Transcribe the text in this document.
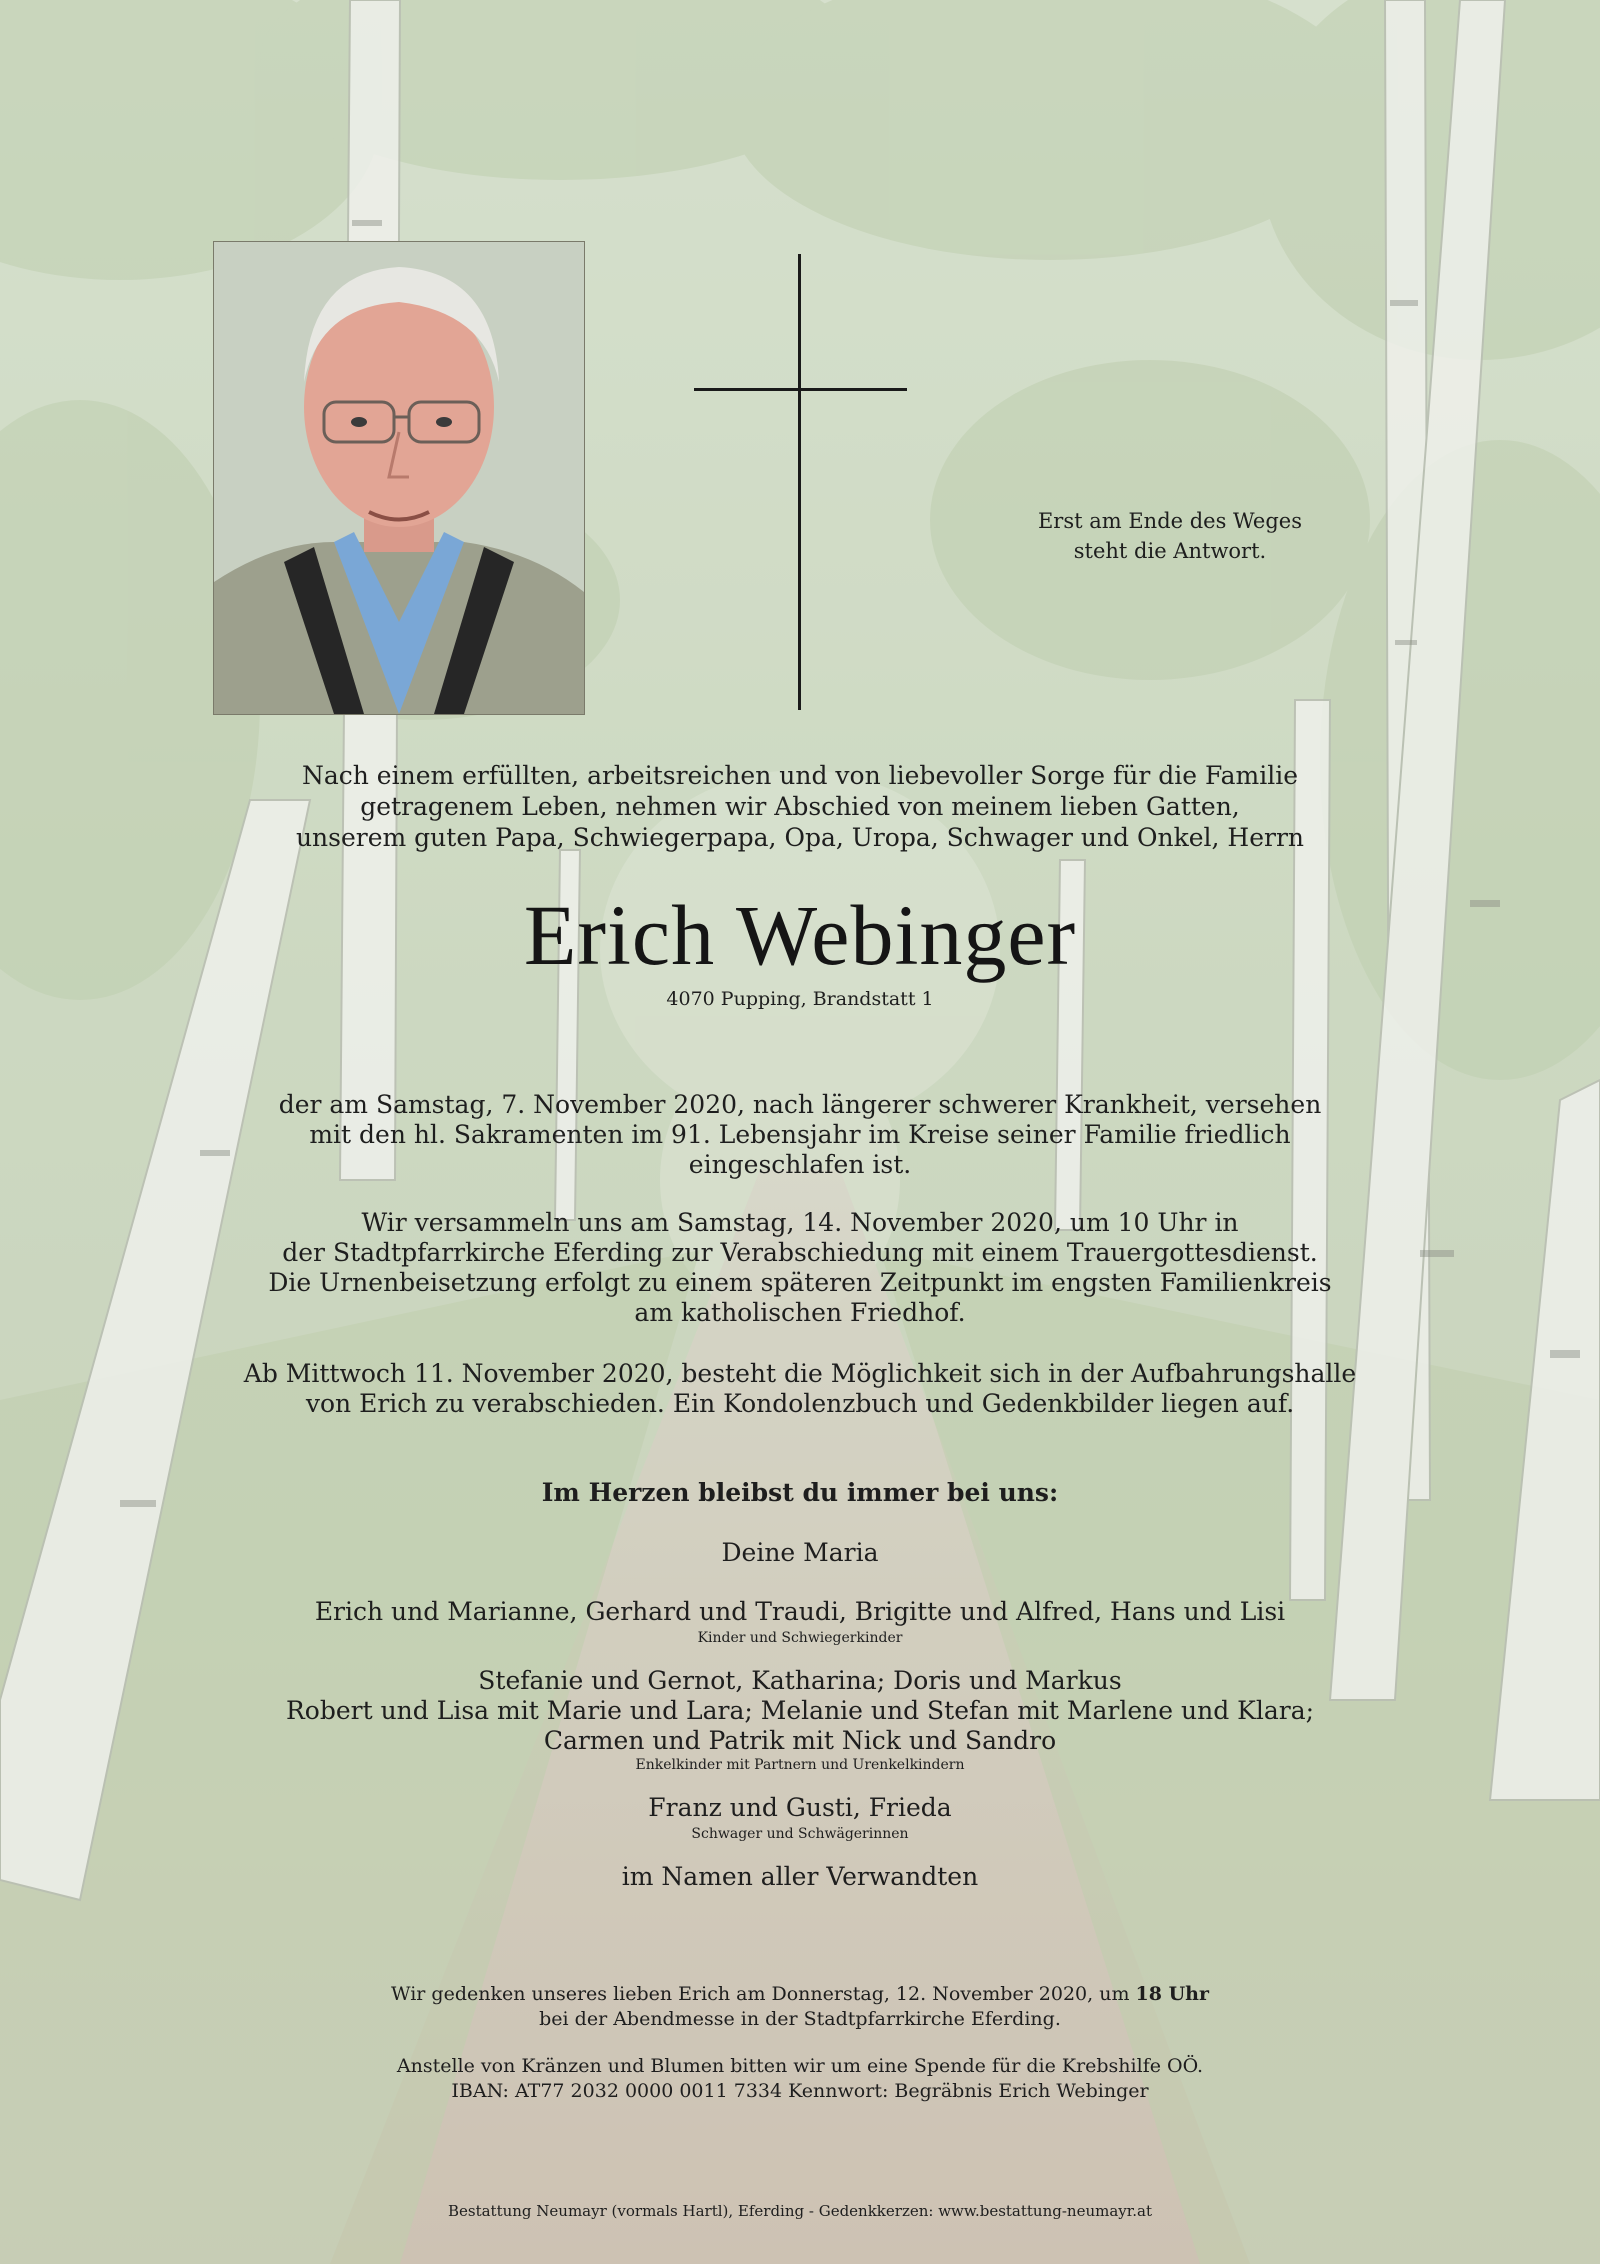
Erst am Ende des Weges
steht die Antwort.
Nach einem erfüllten, arbeitsreichen und von liebevoller Sorge für die Familie
getragenem Leben, nehmen wir Abschied von meinem lieben Gatten,
unserem guten Papa, Schwiegerpapa, Opa, Uropa, Schwager und Onkel, Herrn
Erich Webinger
4070 Pupping, Brandstatt 1
der am Samstag, 7. November 2020, nach längerer schwerer Krankheit, versehen
mit den hl. Sakramenten im 91. Lebensjahr im Kreise seiner Familie friedlich
eingeschlafen ist.
Wir versammeln uns am Samstag, 14. November 2020, um 10 Uhr in
der Stadtpfarrkirche Eferding zur Verabschiedung mit einem Trauergottesdienst.
Die Urnenbeisetzung erfolgt zu einem späteren Zeitpunkt im engsten Familienkreis
am katholischen Friedhof.
Ab Mittwoch 11. November 2020, besteht die Möglichkeit sich in der Aufbahrungshalle
von Erich zu verabschieden. Ein Kondolenzbuch und Gedenkbilder liegen auf.
Im Herzen bleibst du immer bei uns:
Deine Maria
Erich und Marianne, Gerhard und Traudi, Brigitte und Alfred, Hans und Lisi
Kinder und Schwiegerkinder
Stefanie und Gernot, Katharina; Doris und Markus
Robert und Lisa mit Marie und Lara; Melanie und Stefan mit Marlene und Klara;
Carmen und Patrik mit Nick und Sandro
Enkelkinder mit Partnern und Urenkelkindern
Franz und Gusti, Frieda
Schwager und Schwägerinnen
im Namen aller Verwandten
Wir gedenken unseres lieben Erich am Donnerstag, 12. November 2020, um 18 Uhr
bei der Abendmesse in der Stadtpfarrkirche Eferding.
Anstelle von Kränzen und Blumen bitten wir um eine Spende für die Krebshilfe OÖ.
IBAN: AT77 2032 0000 0011 7334 Kennwort: Begräbnis Erich Webinger
Bestattung Neumayr (vormals Hartl), Eferding - Gedenkkerzen: www.bestattung-neumayr.at
